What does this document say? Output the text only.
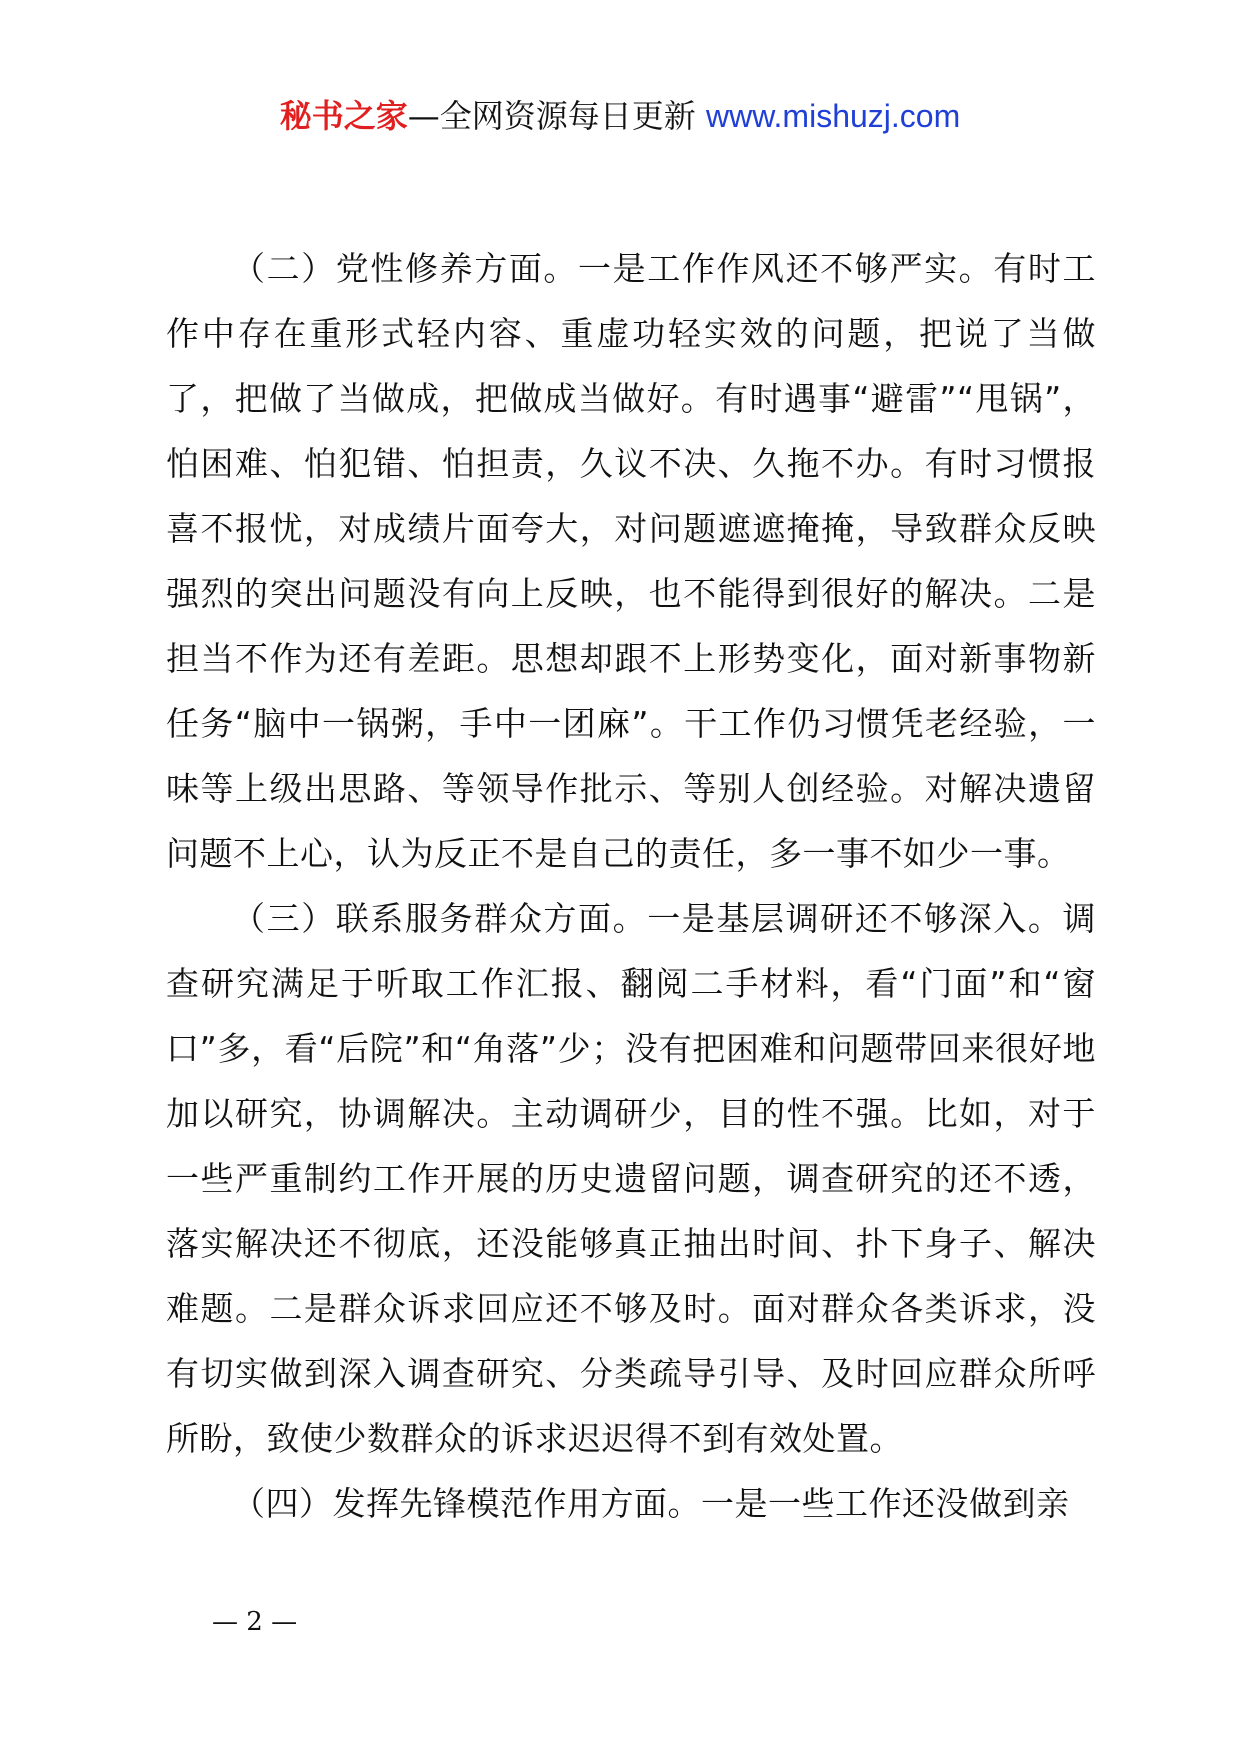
秘书之家—全网资源每日更新 www.mishuzj.com

（二）党性修养方面。一是工作作风还不够严实。有时工作中存在重形式轻内容、重虚功轻实效的问题，把说了当做了，把做了当做成，把做成当做好。有时遇事“避雷”“甩锅”，怕困难、怕犯错、怕担责，久议不决、久拖不办。有时习惯报喜不报忧，对成绩片面夸大，对问题遮遮掩掩，导致群众反映强烈的突出问题没有向上反映，也不能得到很好的解决。二是担当不作为还有差距。思想却跟不上形势变化，面对新事物新任务“脑中一锅粥，手中一团麻”。干工作仍习惯凭老经验，一味等上级出思路、等领导作批示、等别人创经验。对解决遗留问题不上心，认为反正不是自己的责任，多一事不如少一事。

（三）联系服务群众方面。一是基层调研还不够深入。调查研究满足于听取工作汇报、翻阅二手材料，看“门面”和“窗口”多，看“后院”和“角落”少；没有把困难和问题带回来很好地加以研究，协调解决。主动调研少，目的性不强。比如，对于一些严重制约工作开展的历史遗留问题，调查研究的还不透，落实解决还不彻底，还没能够真正抽出时间、扑下身子、解决难题。二是群众诉求回应还不够及时。面对群众各类诉求，没有切实做到深入调查研究、分类疏导引导、及时回应群众所呼所盼，致使少数群众的诉求迟迟得不到有效处置。

（四）发挥先锋模范作用方面。一是一些工作还没做到亲

— 2 —
